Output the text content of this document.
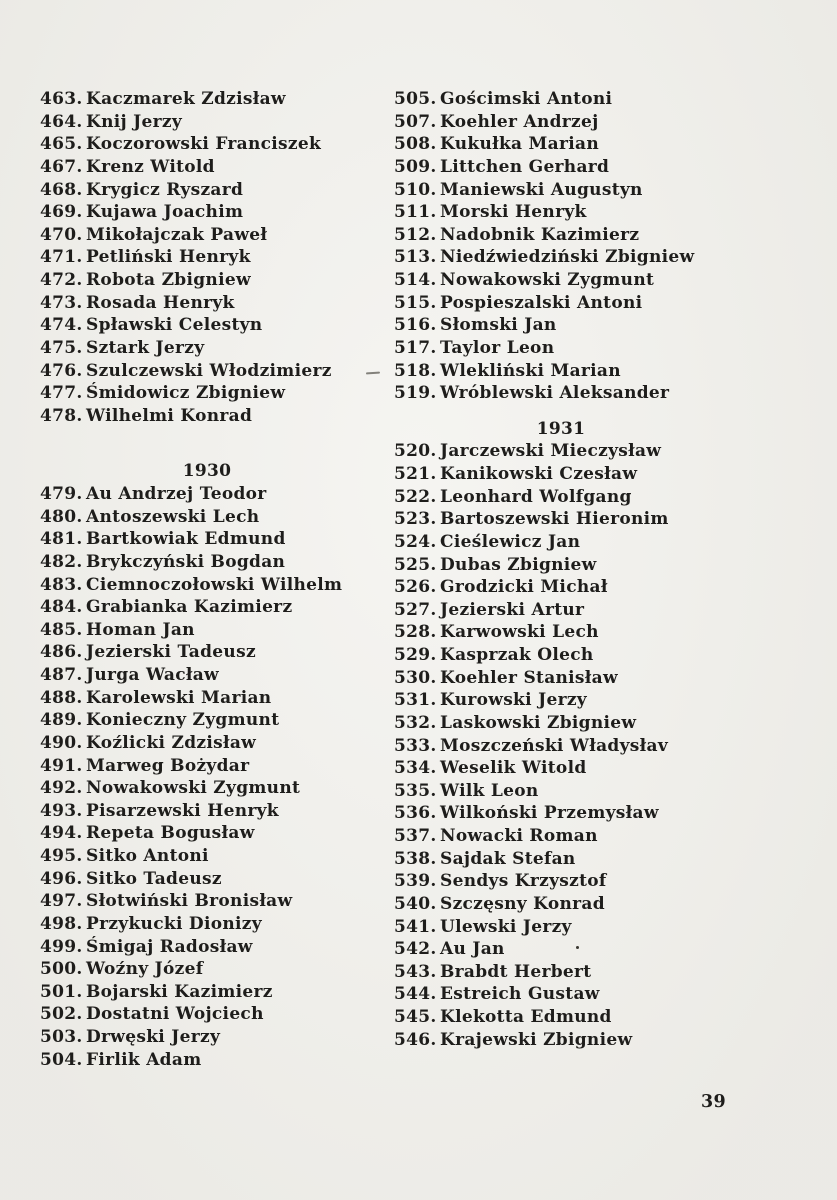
463. Kaczmarek Zdzisław
464. Knij Jerzy
465. Koczorowski Franciszek
467. Krenz Witold
468. Krygicz Ryszard
469. Kujawa Joachim
470. Mikołajczak Paweł
471. Petliński Henryk
472. Robota Zbigniew
473. Rosada Henryk
474. Spławski Celestyn
475. Sztark Jerzy
476. Szulczewski Włodzimierz
477. Śmidowicz Zbigniew
478. Wilhelmi Konrad
1930
479. Au Andrzej Teodor
480. Antoszewski Lech
481. Bartkowiak Edmund
482. Brykczyński Bogdan
483. Ciemnoczołowski Wilhelm
484. Grabianka Kazimierz
485. Homan Jan
486. Jezierski Tadeusz
487. Jurga Wacław
488. Karolewski Marian
489. Konieczny Zygmunt
490. Koźlicki Zdzisław
491. Marweg Bożydar
492. Nowakowski Zygmunt
493. Pisarzewski Henryk
494. Repeta Bogusław
495. Sitko Antoni
496. Sitko Tadeusz
497. Słotwiński Bronisław
498. Przykucki Dionizy
499. Śmigaj Radosław
500. Woźny Józef
501. Bojarski Kazimierz
502. Dostatni Wojciech
503. Drwęski Jerzy
504. Firlik Adam
505. Gościmski Antoni
507. Koehler Andrzej
508. Kukułka Marian
509. Littchen Gerhard
510. Maniewski Augustyn
511. Morski Henryk
512. Nadobnik Kazimierz
513. Niedźwiedziński Zbigniew
514. Nowakowski Zygmunt
515. Pospieszalski Antoni
516. Słomski Jan
517. Taylor Leon
518. Wlekliński Marian
519. Wróblewski Aleksander
1931
520. Jarczewski Mieczysław
521. Kanikowski Czesław
522. Leonhard Wolfgang
523. Bartoszewski Hieronim
524. Cieślewicz Jan
525. Dubas Zbigniew
526. Grodzicki Michał
527. Jezierski Artur
528. Karwowski Lech
529. Kasprzak Olech
530. Koehler Stanisław
531. Kurowski Jerzy
532. Laskowski Zbigniew
533. Moszczeński Władysłav
534. Weselik Witold
535. Wilk Leon
536. Wilkoński Przemysław
537. Nowacki Roman
538. Sajdak Stefan
539. Sendys Krzysztof
540. Szczęsny Konrad
541. Ulewski Jerzy
542. Au Jan
543. Brabdt Herbert
544. Estreich Gustaw
545. Klekotta Edmund
546. Krajewski Zbigniew
39
